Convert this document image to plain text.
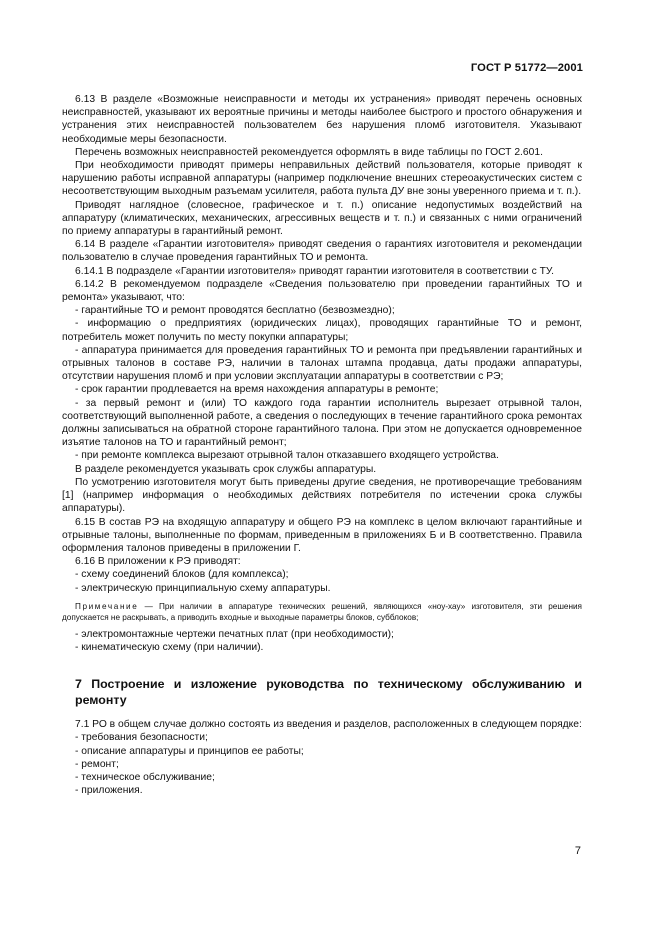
ГОСТ Р 51772—2001

6.13 В разделе «Возможные неисправности и методы их устранения» приводят перечень основных неисправностей, указывают их вероятные причины и методы наиболее быстрого и простого обнаружения и устранения этих неисправностей пользователем без нарушения пломб изготовителя. Указывают необходимые меры безопасности.

Перечень возможных неисправностей рекомендуется оформлять в виде таблицы по ГОСТ 2.601.

При необходимости приводят примеры неправильных действий пользователя, которые приводят к нарушению работы исправной аппаратуры (например подключение внешних стереоакустических систем с несоответствующим выходным разъемам усилителя, работа пульта ДУ вне зоны уверенного приема и т. п.).

Приводят наглядное (словесное, графическое и т. п.) описание недопустимых воздействий на аппаратуру (климатических, механических, агрессивных веществ и т. п.) и связанных с ними ограничений по приему аппаратуры в гарантийный ремонт.

6.14 В разделе «Гарантии изготовителя» приводят сведения о гарантиях изготовителя и рекомендации пользователю в случае проведения гарантийных ТО и ремонта.

6.14.1 В подразделе «Гарантии изготовителя» приводят гарантии изготовителя в соответствии с ТУ.

6.14.2 В рекомендуемом подразделе «Сведения пользователю при проведении гарантийных ТО и ремонта» указывают, что:

- гарантийные ТО и ремонт проводятся бесплатно (безвозмездно);

- информацию о предприятиях (юридических лицах), проводящих гарантийные ТО и ремонт, потребитель может получить по месту покупки аппаратуры;

- аппаратура принимается для проведения гарантийных ТО и ремонта при предъявлении гарантийных и отрывных талонов в составе РЭ, наличии в талонах штампа продавца, даты продажи аппаратуры, отсутствии нарушения пломб и при условии эксплуатации аппаратуры в соответствии с РЭ;

- срок гарантии продлевается на время нахождения аппаратуры в ремонте;

- за первый ремонт и (или) ТО каждого года гарантии исполнитель вырезает отрывной талон, соответствующий выполненной работе, а сведения о последующих в течение гарантийного срока ремонтах должны записываться на обратной стороне гарантийного талона. При этом не допускается одновременное изъятие талонов на ТО и гарантийный ремонт;

- при ремонте комплекса вырезают отрывной талон отказавшего входящего устройства.

В разделе рекомендуется указывать срок службы аппаратуры.

По усмотрению изготовителя могут быть приведены другие сведения, не противоречащие требованиям [1] (например информация о необходимых действиях потребителя по истечении срока службы аппаратуры).

6.15 В состав РЭ на входящую аппаратуру и общего РЭ на комплекс в целом включают гарантийные и отрывные талоны, выполненные по формам, приведенным в приложениях Б и В соответственно. Правила оформления талонов приведены в приложении Г.

6.16 В приложении к РЭ приводят:

- схему соединений блоков (для комплекса);

- электрическую принципиальную схему аппаратуры.

Примечание — При наличии в аппаратуре технических решений, являющихся «ноу-хау» изготовителя, эти решения допускается не раскрывать, а приводить входные и выходные параметры блоков, субблоков;

- электромонтажные чертежи печатных плат (при необходимости);

- кинематическую схему (при наличии).

7 Построение и изложение руководства по техническому обслуживанию и ремонту

7.1 РО в общем случае должно состоять из введения и разделов, расположенных в следующем порядке:

- требования безопасности;

- описание аппаратуры и принципов ее работы;

- ремонт;

- техническое обслуживание;

- приложения.

7
